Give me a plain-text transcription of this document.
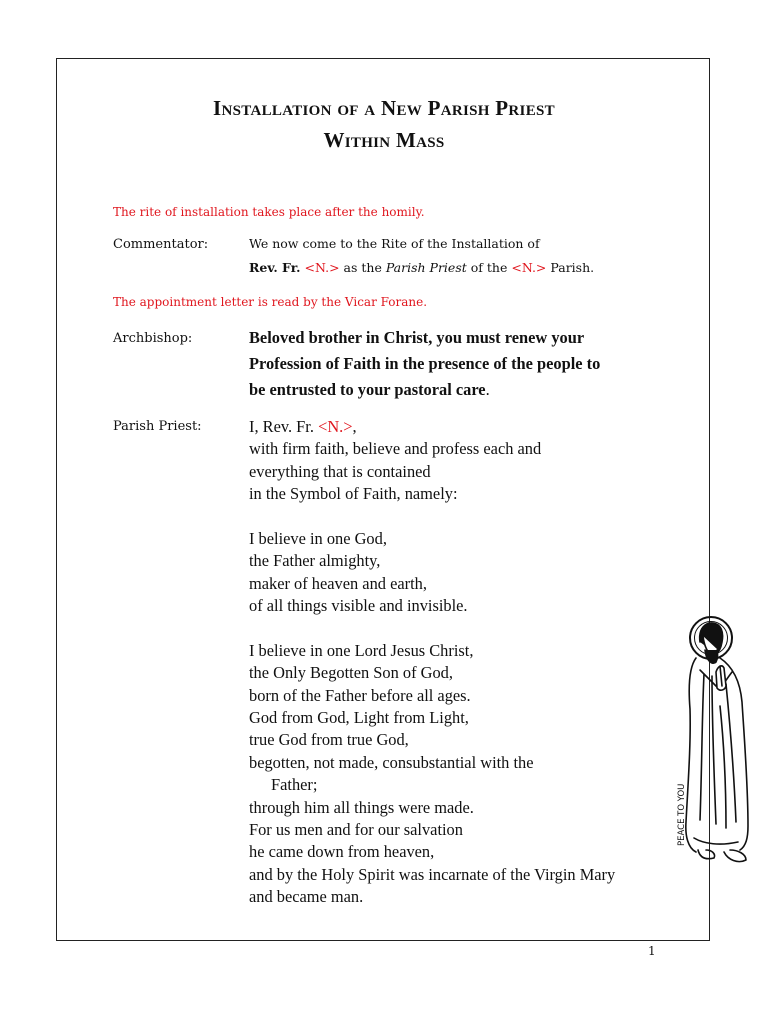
Installation of a New Parish Priest
Within Mass
The rite of installation takes place after the homily.
Commentator:	We now come to the Rite of the Installation of
Rev. Fr. <N.> as the Parish Priest of the <N.> Parish.
The appointment letter is read by the Vicar Forane.
Archbishop:	Beloved brother in Christ, you must renew your
Profession of Faith in the presence of the people to
be entrusted to your pastoral care.
Parish Priest:	I, Rev. Fr. <N.>,
with firm faith, believe and profess each and
everything that is contained
in the Symbol of Faith, namely:
I believe in one God,
the Father almighty,
maker of heaven and earth,
of all things visible and invisible.
I believe in one Lord Jesus Christ,
the Only Begotten Son of God,
born of the Father before all ages.
God from God, Light from Light,
true God from true God,
begotten, not made, consubstantial with the
Father;
through him all things were made.
For us men and for our salvation
he came down from heaven,
and by the Holy Spirit was incarnate of the Virgin Mary
and became man.
1
PEACE TO YOU
